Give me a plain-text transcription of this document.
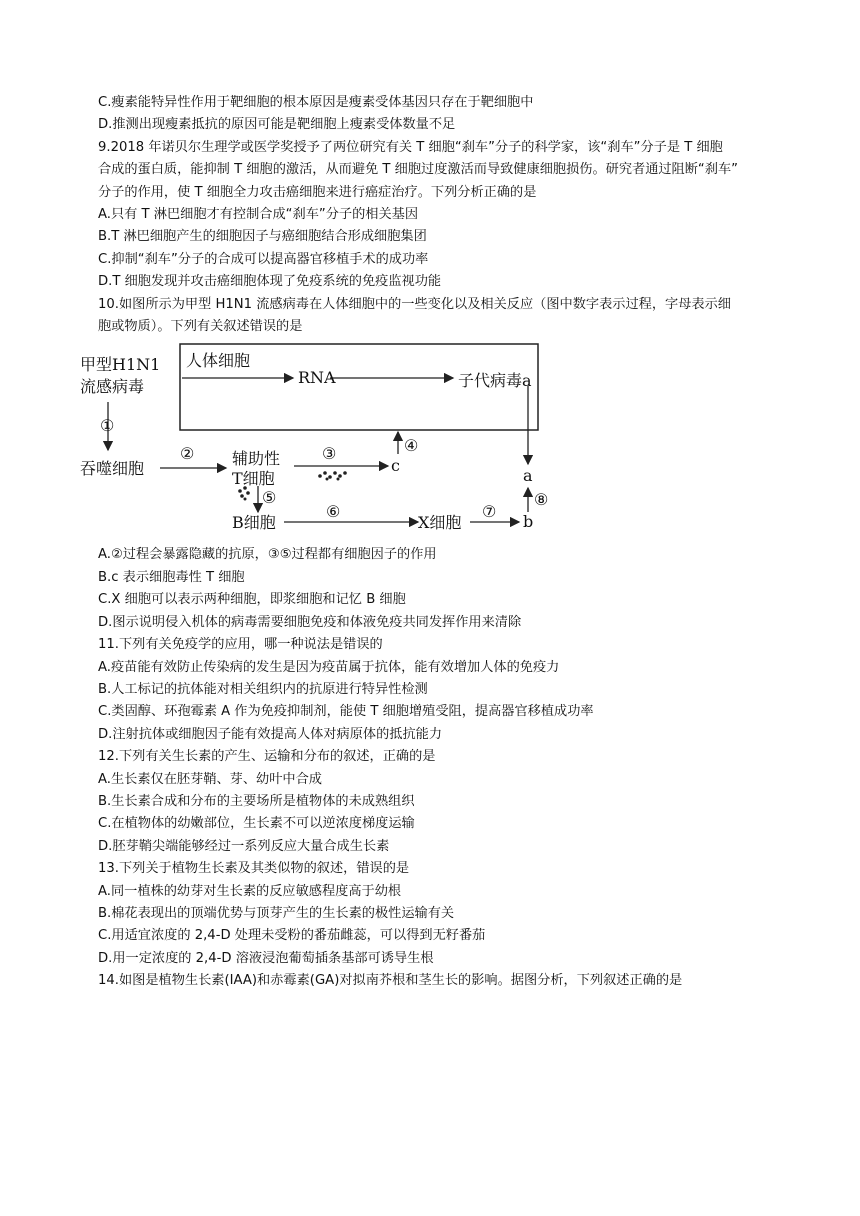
C.瘦素能特异性作用于靶细胞的根本原因是瘦素受体基因只存在于靶细胞中
D.推测出现瘦素抵抗的原因可能是靶细胞上瘦素受体数量不足
9.2018 年诺贝尔生理学或医学奖授予了两位研究有关 T 细胞“刹车”分子的科学家，该“刹车”分子是 T 细胞
合成的蛋白质，能抑制 T 细胞的激活，从而避免 T 细胞过度激活而导致健康细胞损伤。研究者通过阻断“刹车”
分子的作用，使 T 细胞全力攻击癌细胞来进行癌症治疗。下列分析正确的是
A.只有 T 淋巴细胞才有控制合成“刹车”分子的相关基因
B.T 淋巴细胞产生的细胞因子与癌细胞结合形成细胞集团
C.抑制“刹车”分子的合成可以提高器官移植手术的成功率
D.T 细胞发现并攻击癌细胞体现了免疫系统的免疫监视功能
10.如图所示为甲型 H1N1 流感病毒在人体细胞中的一些变化以及相关反应（图中数字表示过程，字母表示细
胞或物质）。下列有关叙述错误的是
甲型H1N1
流感病毒
人体细胞
RNA	子代病毒a
吞噬细胞
辅助性
T细胞
B细胞	X细胞
c
a
b
①
②	③	④
⑤
⑥	⑦
⑧
A.②过程会暴露隐藏的抗原，③⑤过程都有细胞因子的作用
B.c 表示细胞毒性 T 细胞
C.X 细胞可以表示两种细胞，即浆细胞和记忆 B 细胞
D.图示说明侵入机体的病毒需要细胞免疫和体液免疫共同发挥作用来清除
11.下列有关免疫学的应用，哪一种说法是错误的
A.疫苗能有效防止传染病的发生是因为疫苗属于抗体，能有效增加人体的免疫力
B.人工标记的抗体能对相关组织内的抗原进行特异性检测
C.类固醇、环孢霉素 A 作为免疫抑制剂，能使 T 细胞增殖受阻，提高器官移植成功率
D.注射抗体或细胞因子能有效提高人体对病原体的抵抗能力
12.下列有关生长素的产生、运输和分布的叙述，正确的是
A.生长素仅在胚芽鞘、芽、幼叶中合成
B.生长素合成和分布的主要场所是植物体的未成熟组织
C.在植物体的幼嫩部位，生长素不可以逆浓度梯度运输
D.胚芽鞘尖端能够经过一系列反应大量合成生长素
13.下列关于植物生长素及其类似物的叙述，错误的是
A.同一植株的幼芽对生长素的反应敏感程度高于幼根
B.棉花表现出的顶端优势与顶芽产生的生长素的极性运输有关
C.用适宜浓度的 2,4-D 处理未受粉的番茄雌蕊，可以得到无籽番茄
D.用一定浓度的 2,4-D 溶液浸泡葡萄插条基部可诱导生根
14.如图是植物生长素(IAA)和赤霉素(GA)对拟南芥根和茎生长的影响。据图分析，下列叙述正确的是
